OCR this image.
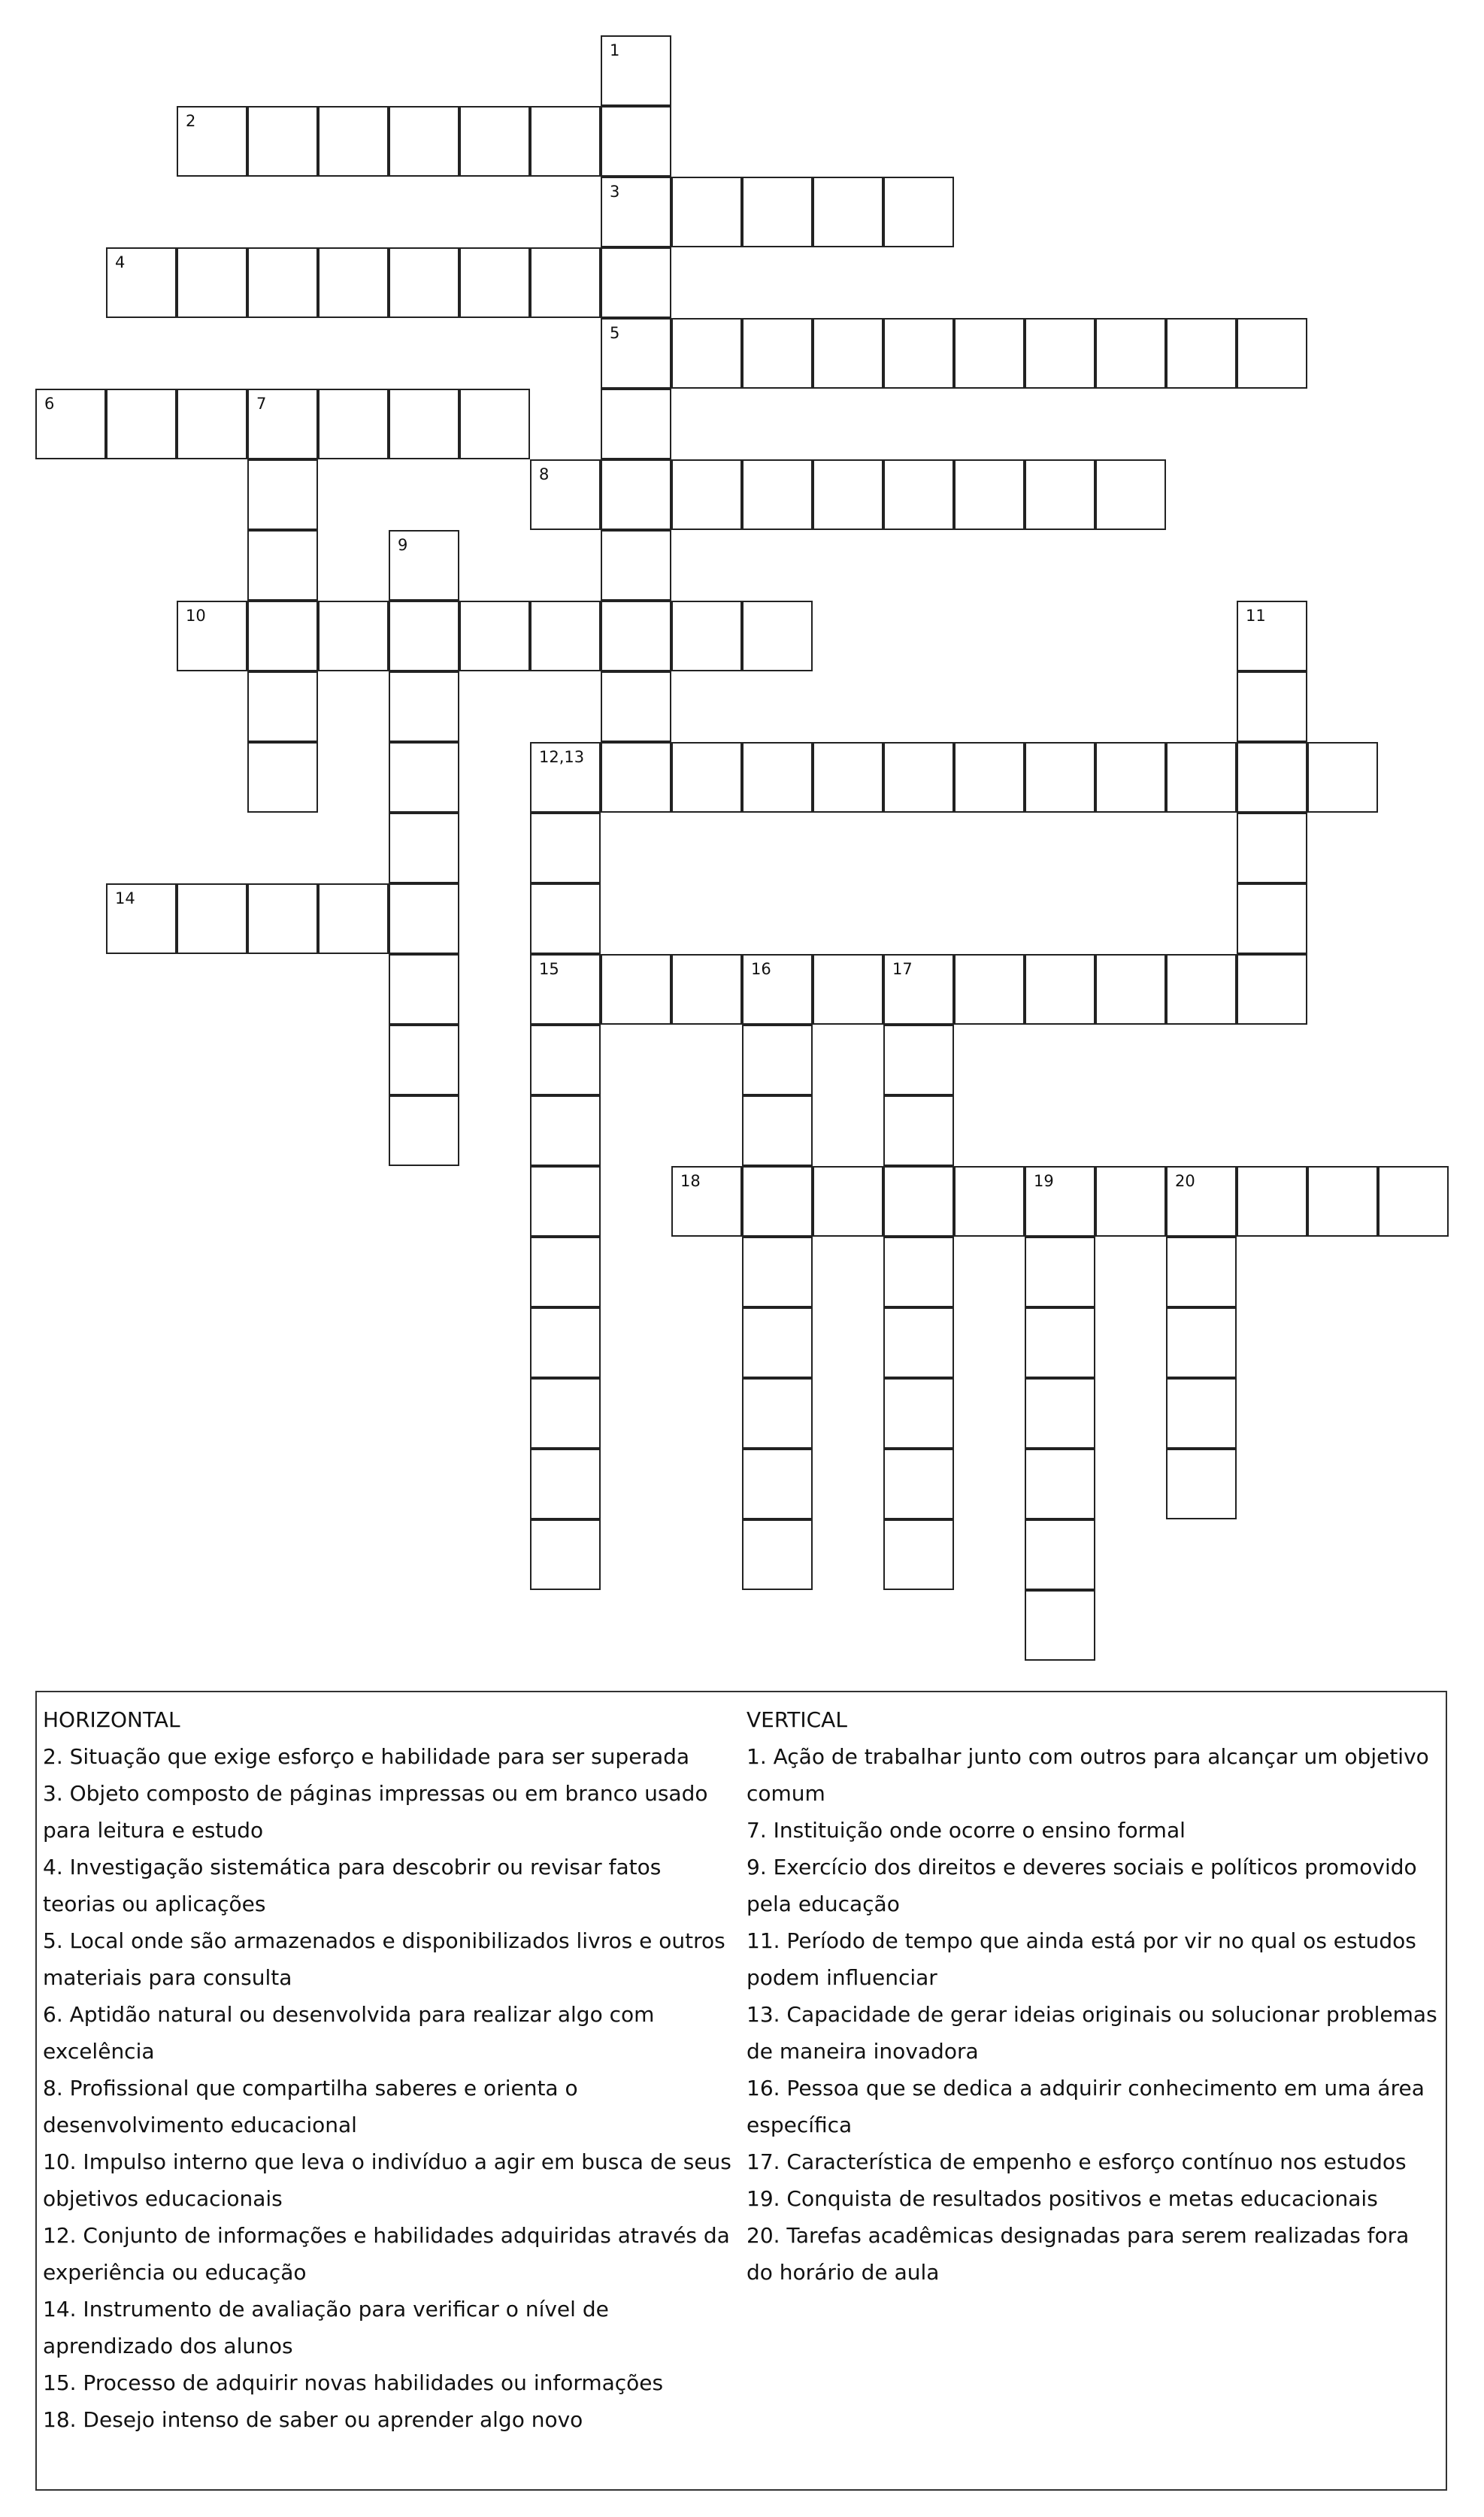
1
2
3
4
5
6	7
8
9
10	11
12,13
14
15	16	17
18	19	20
HORIZONTAL
2. Situação que exige esforço e habilidade para ser superada
3. Objeto composto de páginas impressas ou em branco usado para leitura e estudo
4. Investigação sistemática para descobrir ou revisar fatos teorias ou aplicações
5. Local onde são armazenados e disponibilizados livros e outros materiais para consulta
6. Aptidão natural ou desenvolvida para realizar algo com excelência
8. Profissional que compartilha saberes e orienta o desenvolvimento educacional
10. Impulso interno que leva o indivíduo a agir em busca de seus objetivos educacionais
12. Conjunto de informações e habilidades adquiridas através da experiência ou educação
14. Instrumento de avaliação para verificar o nível de aprendizado dos alunos
15. Processo de adquirir novas habilidades ou informações
18. Desejo intenso de saber ou aprender algo novo
VERTICAL
1. Ação de trabalhar junto com outros para alcançar um objetivo comum
7. Instituição onde ocorre o ensino formal
9. Exercício dos direitos e deveres sociais e políticos promovido pela educação
11. Período de tempo que ainda está por vir no qual os estudos podem influenciar
13. Capacidade de gerar ideias originais ou solucionar problemas de maneira inovadora
16. Pessoa que se dedica a adquirir conhecimento em uma área específica
17. Característica de empenho e esforço contínuo nos estudos
19. Conquista de resultados positivos e metas educacionais
20. Tarefas acadêmicas designadas para serem realizadas fora do horário de aula
